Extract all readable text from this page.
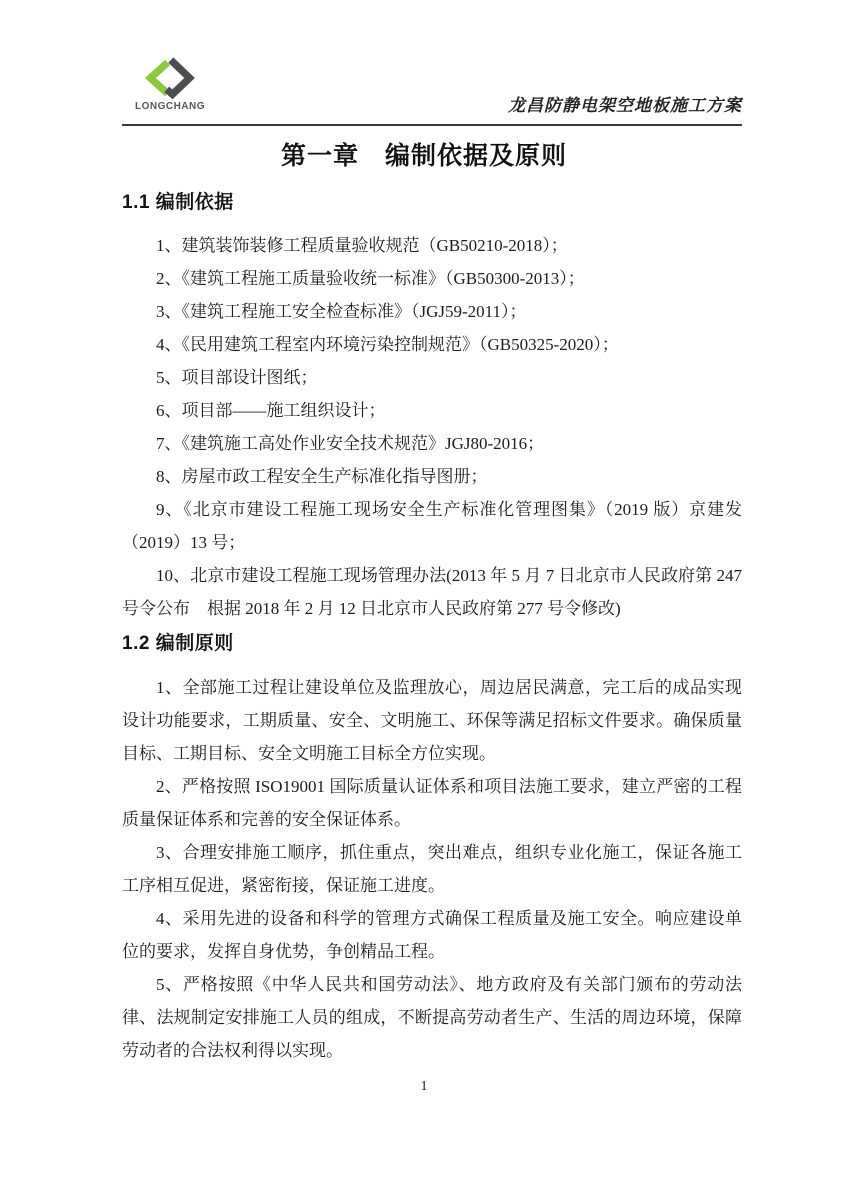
LONGCHANG	龙昌防静电架空地板施工方案
第一章　编制依据及原则
1.1 编制依据

1、建筑装饰装修工程质量验收规范（GB50210-2018）；

2、《建筑工程施工质量验收统一标准》（GB50300-2013）；

3、《建筑工程施工安全检查标准》（JGJ59-2011）；

4、《民用建筑工程室内环境污染控制规范》（GB50325-2020）；

5、项目部设计图纸；

6、项目部——施工组织设计；

7、《建筑施工高处作业安全技术规范》JGJ80-2016；

8、房屋市政工程安全生产标准化指导图册；

9、《北京市建设工程施工现场安全生产标准化管理图集》（2019 版）京建发（2019）13 号；

10、北京市建设工程施工现场管理办法(2013 年 5 月 7 日北京市人民政府第 247 号令公布　根据 2018 年 2 月 12 日北京市人民政府第 277 号令修改)

1.2 编制原则

1、全部施工过程让建设单位及监理放心，周边居民满意，完工后的成品实现设计功能要求，工期质量、安全、文明施工、环保等满足招标文件要求。确保质量目标、工期目标、安全文明施工目标全方位实现。

2、严格按照 ISO19001 国际质量认证体系和项目法施工要求，建立严密的工程质量保证体系和完善的安全保证体系。

3、合理安排施工顺序，抓住重点，突出难点，组织专业化施工，保证各施工工序相互促进，紧密衔接，保证施工进度。

4、采用先进的设备和科学的管理方式确保工程质量及施工安全。响应建设单位的要求，发挥自身优势，争创精品工程。

5、严格按照《中华人民共和国劳动法》、地方政府及有关部门颁布的劳动法律、法规制定安排施工人员的组成，不断提高劳动者生产、生活的周边环境，保障劳动者的合法权利得以实现。

1
